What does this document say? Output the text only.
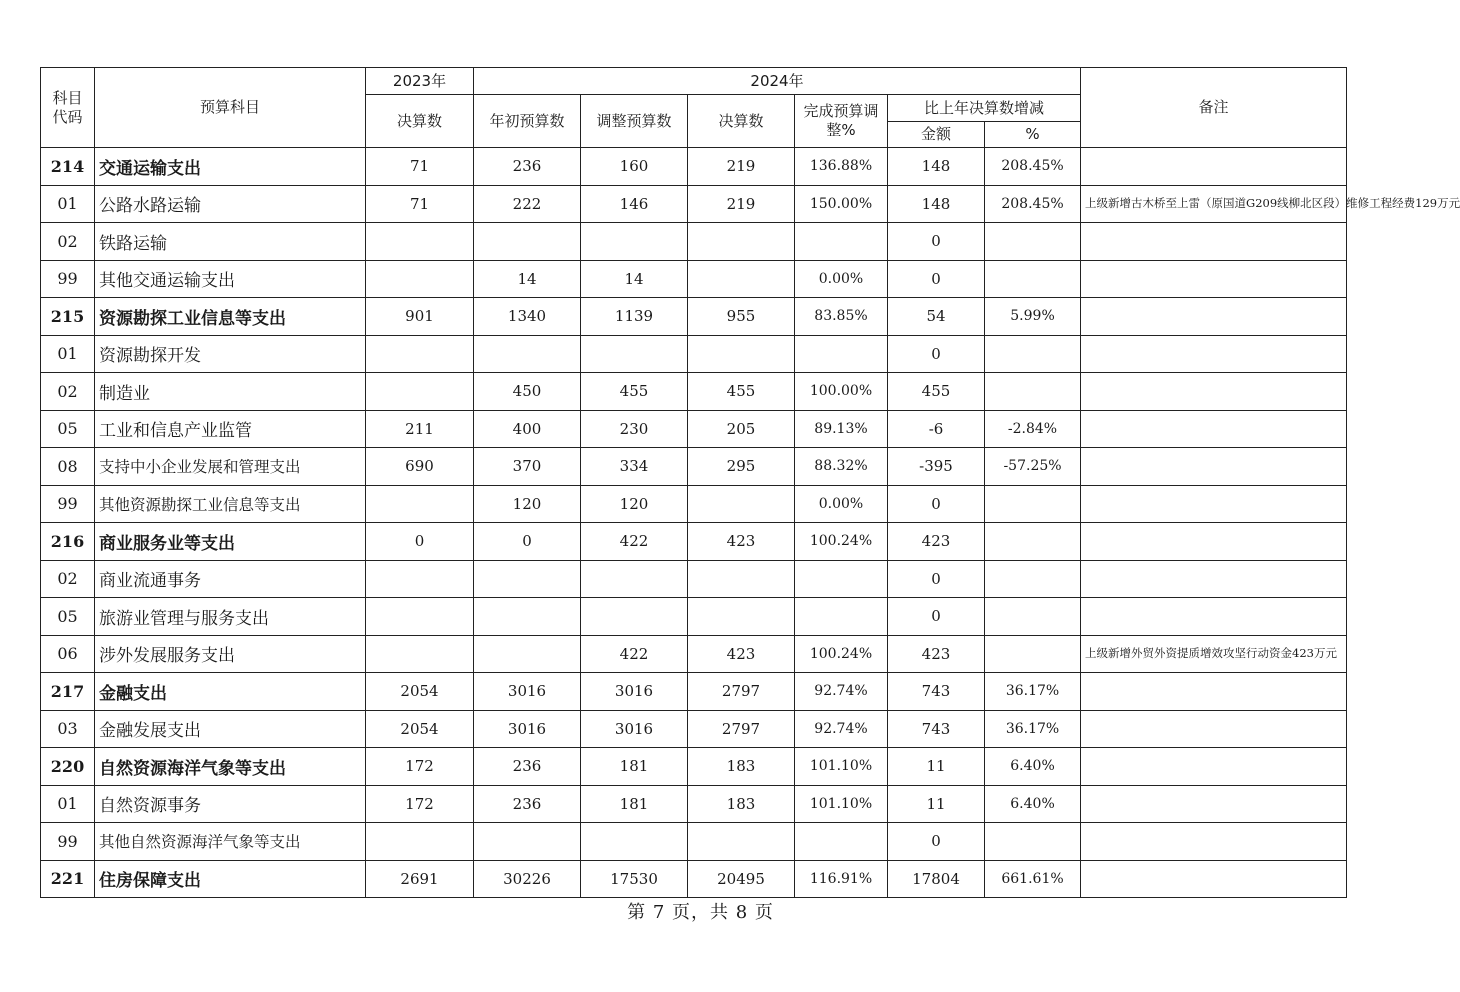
科目
代码	预算科目	2023年	2024年						备注
		决算数	年初预算数	调整预算数	决算数	完成预算调整%	比上年决算数增减		
							金额	%	
214	交通运输支出	71	236	160	219	136.88%	148	208.45%	
01	公路水路运输	71	222	146	219	150.00%	148	208.45%	上级新增古木桥至上雷（原国道G209线柳北区段）维修工程经费129万元
02	铁路运输						0		
99	其他交通运输支出		14	14		0.00%	0		
215	资源勘探工业信息等支出	901	1340	1139	955	83.85%	54	5.99%	
01	资源勘探开发						0		
02	制造业		450	455	455	100.00%	455		
05	工业和信息产业监管	211	400	230	205	89.13%	-6	-2.84%	
08	支持中小企业发展和管理支出	690	370	334	295	88.32%	-395	-57.25%	
99	其他资源勘探工业信息等支出		120	120		0.00%	0		
216	商业服务业等支出	0	0	422	423	100.24%	423		
02	商业流通事务						0		
05	旅游业管理与服务支出						0		
06	涉外发展服务支出			422	423	100.24%	423		上级新增外贸外资提质增效攻坚行动资金423万元
217	金融支出	2054	3016	3016	2797	92.74%	743	36.17%	
03	金融发展支出	2054	3016	3016	2797	92.74%	743	36.17%	
220	自然资源海洋气象等支出	172	236	181	183	101.10%	11	6.40%	
01	自然资源事务	172	236	181	183	101.10%	11	6.40%	
99	其他自然资源海洋气象等支出						0		
221	住房保障支出	2691	30226	17530	20495	116.91%	17804	661.61%	
第 7 页，共 8 页
